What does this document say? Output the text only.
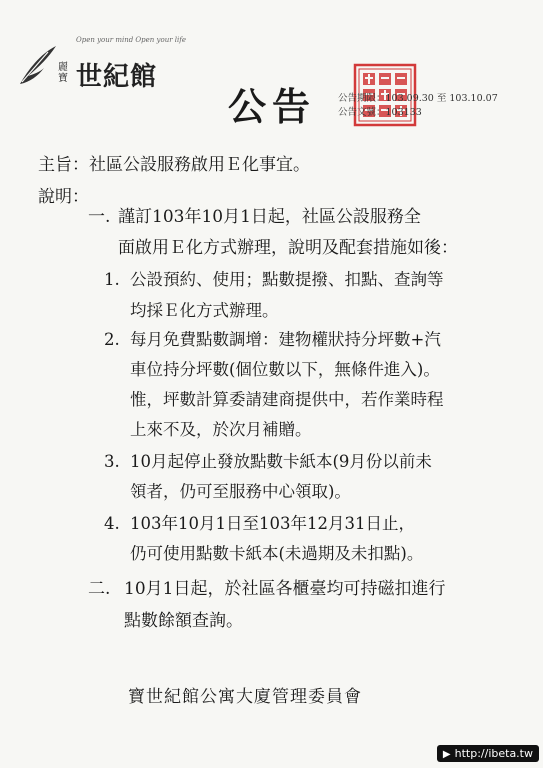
Open your mind Open your life
麗寶 世紀館
公告 公告期限：103.09.30 至 103.10.07
公告文號：103133
主旨：社區公設服務啟用Ｅ化事宜。
說明：
一. 謹訂103年10月1日起，社區公設服務全
面啟用Ｅ化方式辦理，說明及配套措施如後：
1. 公設預約、使用；點數提撥、扣點、查詢等
均採Ｅ化方式辦理。
2. 每月免費點數調增：建物權狀持分坪數+汽
車位持分坪數(個位數以下，無條件進入)。
惟，坪數計算委請建商提供中，若作業時程
上來不及，於次月補贈。
3. 10月起停止發放點數卡紙本(9月份以前未
領者，仍可至服務中心領取)。
4. 103年10月1日至103年12月31日止，
仍可使用點數卡紙本(未過期及未扣點)。
二. 10月1日起，於社區各櫃臺均可持磁扣進行
點數餘額查詢。
寶世紀館公寓大廈管理委員會
▶ http://ibeta.tw
